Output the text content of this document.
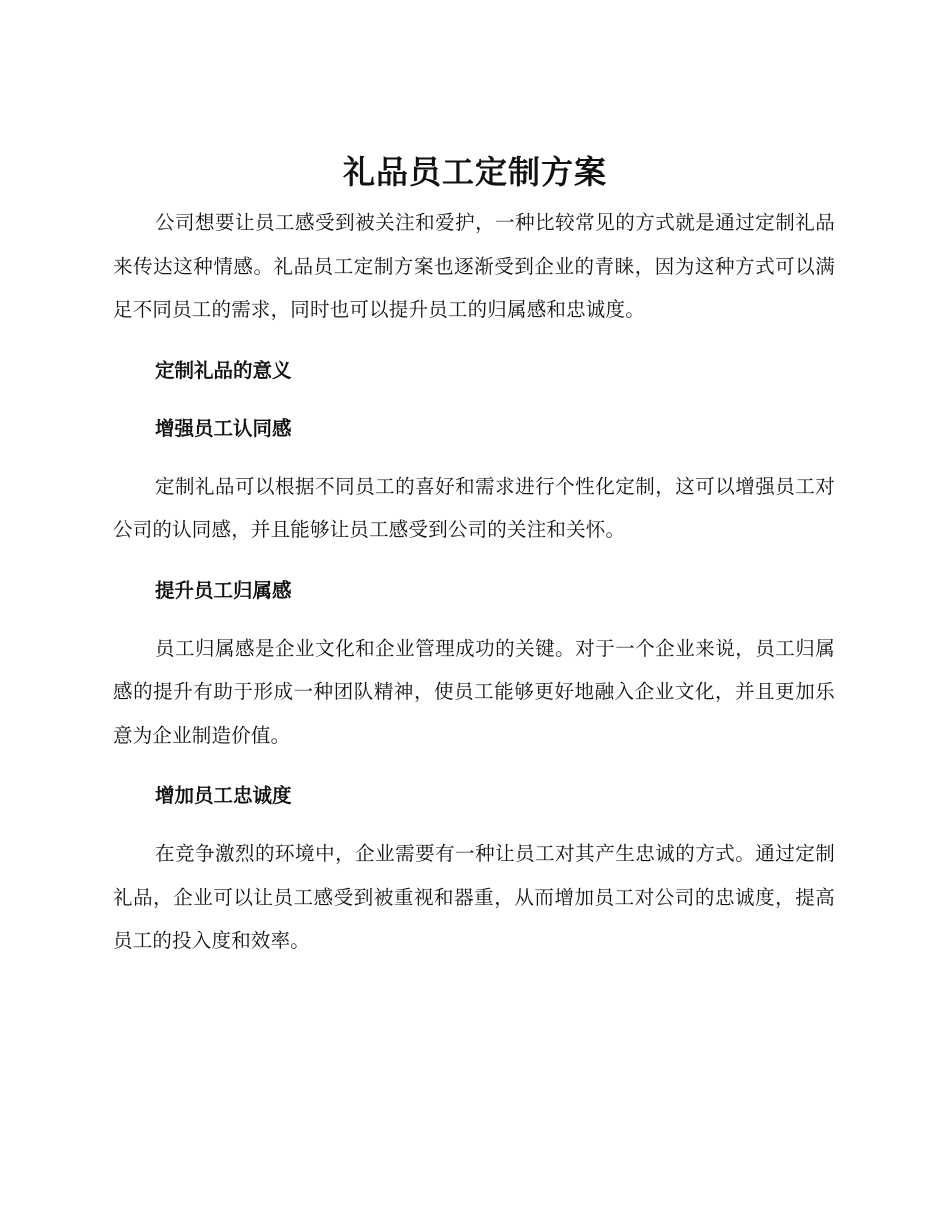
礼品员工定制方案

公司想要让员工感受到被关注和爱护，一种比较常见的方式就是通过定制礼品来传达这种情感。礼品员工定制方案也逐渐受到企业的青睐，因为这种方式可以满足不同员工的需求，同时也可以提升员工的归属感和忠诚度。

定制礼品的意义

增强员工认同感

定制礼品可以根据不同员工的喜好和需求进行个性化定制，这可以增强员工对公司的认同感，并且能够让员工感受到公司的关注和关怀。

提升员工归属感

员工归属感是企业文化和企业管理成功的关键。对于一个企业来说，员工归属感的提升有助于形成一种团队精神，使员工能够更好地融入企业文化，并且更加乐意为企业制造价值。

增加员工忠诚度

在竞争激烈的环境中，企业需要有一种让员工对其产生忠诚的方式。通过定制礼品，企业可以让员工感受到被重视和器重，从而增加员工对公司的忠诚度，提高员工的投入度和效率。
